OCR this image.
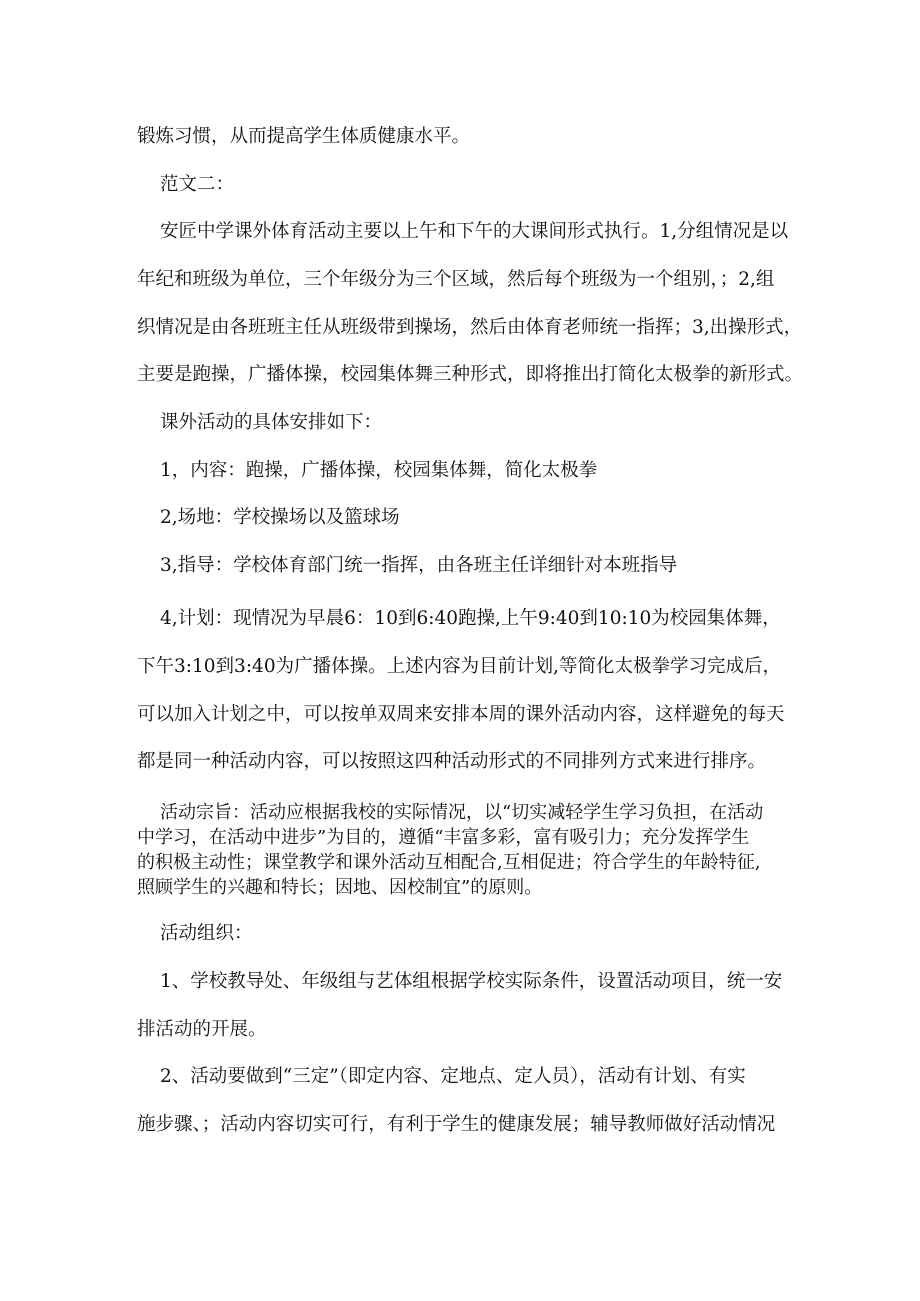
锻炼习惯，从而提高学生体质健康水平。
范文二：
安匠中学课外体育活动主要以上午和下午的大课间形式执行。1,分组情况是以
年纪和班级为单位，三个年级分为三个区域，然后每个班级为一个组别，；2,组
织情况是由各班班主任从班级带到操场，然后由体育老师统一指挥；3,出操形式，
主要是跑操，广播体操，校园集体舞三种形式，即将推出打简化太极拳的新形式。
课外活动的具体安排如下：
1，内容：跑操，广播体操，校园集体舞，简化太极拳
2,场地：学校操场以及篮球场
3,指导：学校体育部门统一指挥，由各班主任详细针对本班指导
4,计划：现情况为早晨6：10到6:40跑操,上午9:40到10:10为校园集体舞，
下午3:10到3:40为广播体操。上述内容为目前计划,等简化太极拳学习完成后，
可以加入计划之中，可以按单双周来安排本周的课外活动内容，这样避免的每天
都是同一种活动内容，可以按照这四种活动形式的不同排列方式来进行排序。
活动宗旨：活动应根据我校的实际情况，以“切实减轻学生学习负担，在活动
中学习，在活动中进步”为目的，遵循“丰富多彩，富有吸引力；充分发挥学生
的积极主动性；课堂教学和课外活动互相配合,互相促进；符合学生的年龄特征,
照顾学生的兴趣和特长；因地、因校制宜”的原则。
活动组织：
1、学校教导处、年级组与艺体组根据学校实际条件，设置活动项目，统一安
排活动的开展。
2、活动要做到“三定”（即定内容、定地点、定人员），活动有计划、有实
施步骤、；活动内容切实可行，有利于学生的健康发展；辅导教师做好活动情况
